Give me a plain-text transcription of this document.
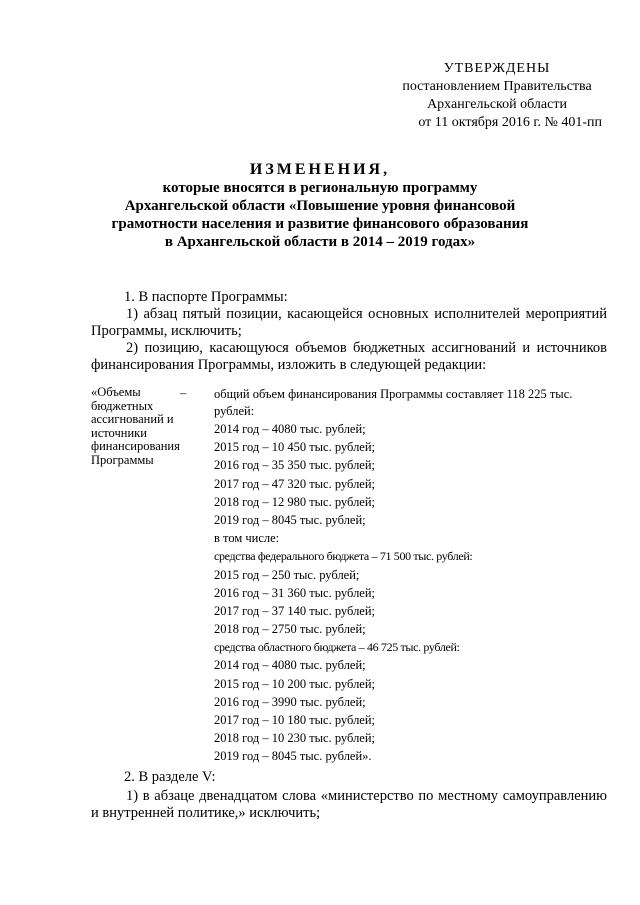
УТВЕРЖДЕНЫ
постановлением Правительства
Архангельской области
от 11 октября 2016 г. № 401-пп
ИЗМЕНЕНИЯ,
которые вносятся в региональную программу
Архангельской области «Повышение уровня финансовой
грамотности населения и развитие финансового образования
в Архангельской области в 2014 – 2019 годах»
1. В паспорте Программы:
1) абзац пятый позиции, касающейся основных исполнителей мероприятий Программы, исключить;
2) позицию, касающуюся объемов бюджетных ассигнований и источников финансирования Программы, изложить в следующей редакции:
«Объемы бюджетных ассигнований и источники финансирования Программы
– общий объем финансирования Программы составляет 118 225 тыс. рублей:
2014 год – 4080 тыс. рублей;
2015 год – 10 450 тыс. рублей;
2016 год – 35 350 тыс. рублей;
2017 год – 47 320 тыс. рублей;
2018 год – 12 980 тыс. рублей;
2019 год – 8045 тыс. рублей;
в том числе:
средства федерального бюджета – 71 500 тыс. рублей:
2015 год – 250 тыс. рублей;
2016 год – 31 360 тыс. рублей;
2017 год – 37 140 тыс. рублей;
2018 год – 2750 тыс. рублей;
средства областного бюджета – 46 725 тыс. рублей:
2014 год – 4080 тыс. рублей;
2015 год – 10 200 тыс. рублей;
2016 год – 3990 тыс. рублей;
2017 год – 10 180 тыс. рублей;
2018 год – 10 230 тыс. рублей;
2019 год – 8045 тыс. рублей».
2. В разделе V:
1) в абзаце двенадцатом слова «министерство по местному самоуправлению и внутренней политике,» исключить;
